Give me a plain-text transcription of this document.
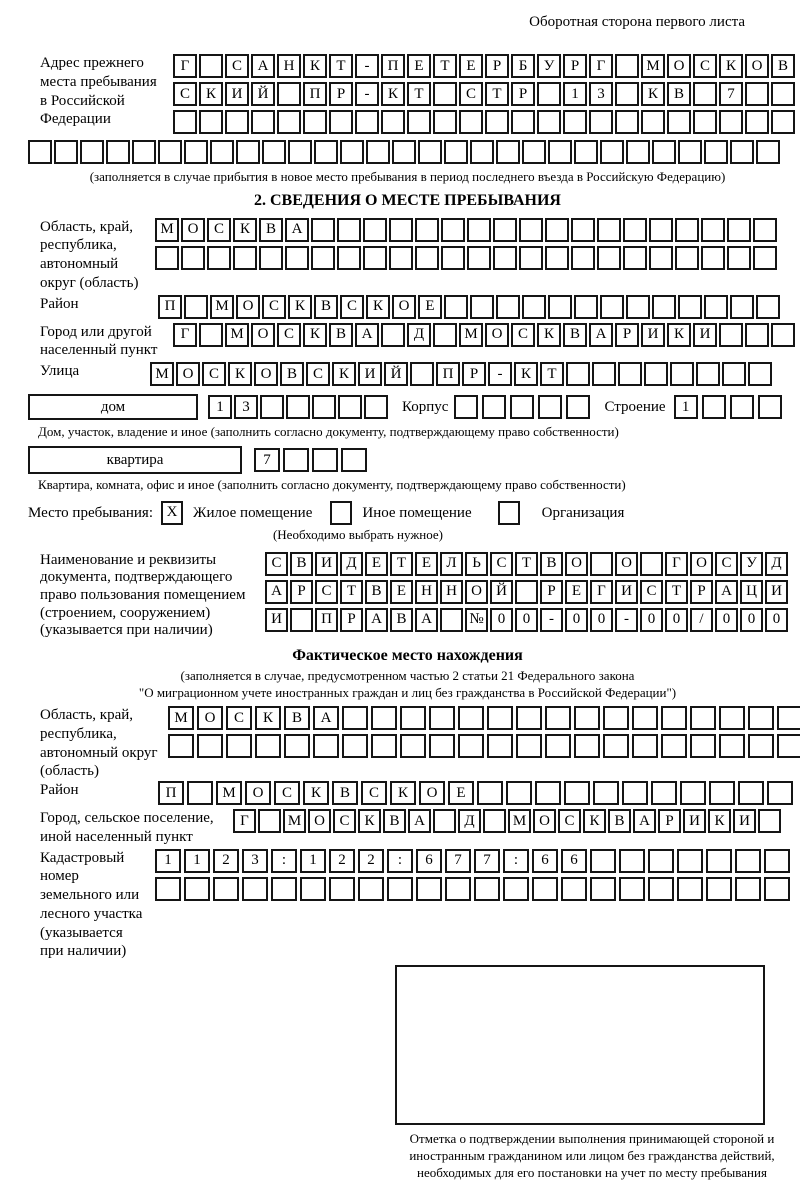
Оборотная сторона первого листа
Адрес прежнего места пребывания в Российской Федерации
Г	С	А	Н	К	Т	-	П	Е	Т	Е	Р	Б	У	Р	Г	М О	С	К	О	В
С	К	И	Й	П	Р	-	К	Т	С	Т	Р	1	3	К	В	7
(заполняется в случае прибытия в новое место пребывания в период последнего въезда в Российскую Федерацию)
2. СВЕДЕНИЯ О МЕСТЕ ПРЕБЫВАНИЯ
Область, край, республика, автономный округ (область)
М О	С	К	В	А
Район	П	М О	С	К	В	С	К	О	Е
Город или другой населенный пункт
Г	М О	С	К	В	А	Д	М О	С	К	В	А	Р	И	К	И
Улица	М О	С	К	О	В	С	К	И	Й	П	Р	-	К	Т
дом	1	3	Корпус	Строение	1
Дом, участок, владение и иное (заполнить согласно документу, подтверждающему право собственности)
квартира	7
Квартира, комната, офис и иное (заполнить согласно документу, подтверждающему право собственности)
Место пребывания: X	Жилое помещение	Иное помещение	Организация
(Необходимо выбрать нужное)
Наименование и реквизиты документа, подтверждающего право пользования помещением (строением, сооружением) (указывается при наличии)
С В И Д	Е	Т	Е	Л	Ь	С	Т	В О	О	Г	О С У Д
А	Р	С	Т	В	Е	Н Н О Й	Р	Е	Г	И С	Т	Р	А Ц И
И	П	Р	А В А	№ 0	0	-	0	0	-	0	0	/	0	0	0
Фактическое место нахождения
(заполняется в случае, предусмотренном частью 2 статьи 21 Федерального закона
"О миграционном учете иностранных граждан и лиц без гражданства в Российской Федерации")
Область, край, республика, автономный округ (область)
М	О	С	К	В	А
Район	П	М	О	С	К	В	С	К	О	Е
Город, сельское поселение, иной населенный пункт
Г	М О С К В А	Д	М О С К В А	Р	И К И
Кадастровый номер земельного или лесного участка (указывается при наличии)
1	1	2	3	:	1	2	2	:	6	7	7	:	6	6
Отметка о подтверждении выполнения принимающей стороной и иностранным гражданином или лицом без гражданства действий, необходимых для его постановки на учет по месту пребывания
